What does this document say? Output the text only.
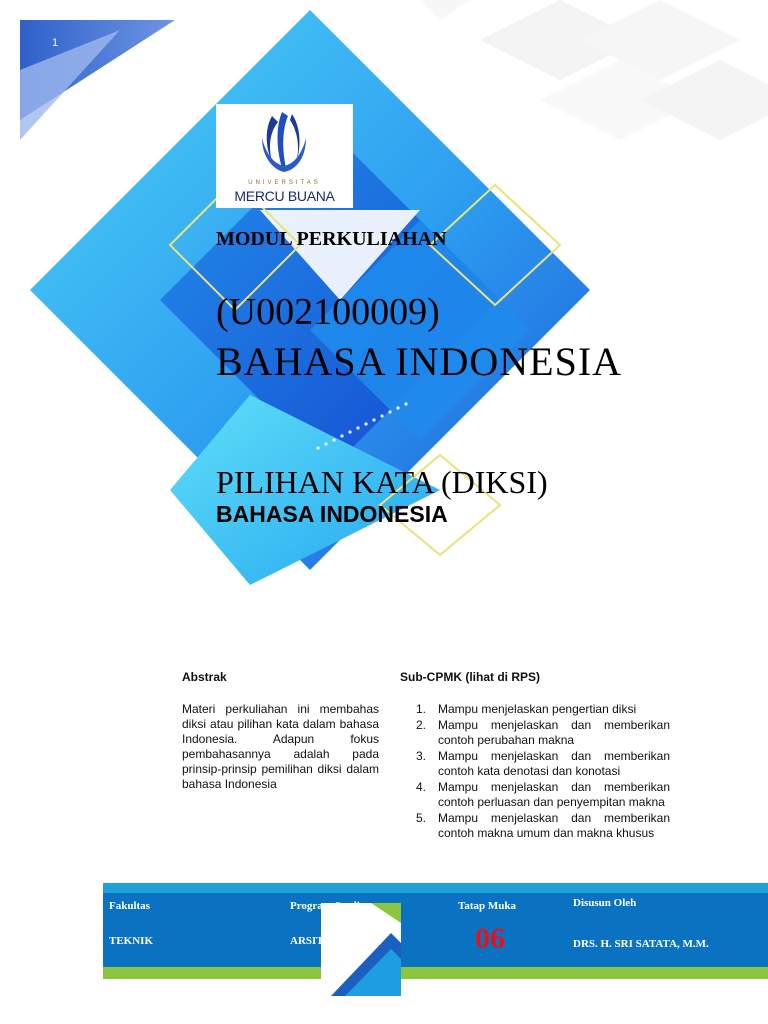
1
UNIVERSITAS
MERCU BUANA
MODUL PERKULIAHAN
(U002100009)
BAHASA INDONESIA
PILIHAN KATA (DIKSI)
BAHASA INDONESIA
Abstrak

Materi perkuliahan ini membahas diksi atau pilihan kata dalam bahasa Indonesia. Adapun fokus pembahasannya adalah pada prinsip-prinsip pemilihan diksi dalam bahasa Indonesia

Sub-CPMK (lihat di RPS)
1. Mampu menjelaskan pengertian diksi
2. Mampu menjelaskan dan memberikan contoh perubahan makna
3. Mampu menjelaskan dan memberikan contoh kata denotasi dan konotasi
4. Mampu menjelaskan dan memberikan contoh perluasan dan penyempitan makna
5. Mampu menjelaskan dan memberikan contoh makna umum dan makna khusus
Fakultas
TEKNIK
Program Studi
ARSITEKTUR
Tatap Muka
06
Disusun Oleh
DRS. H. SRI SATATA, M.M.
